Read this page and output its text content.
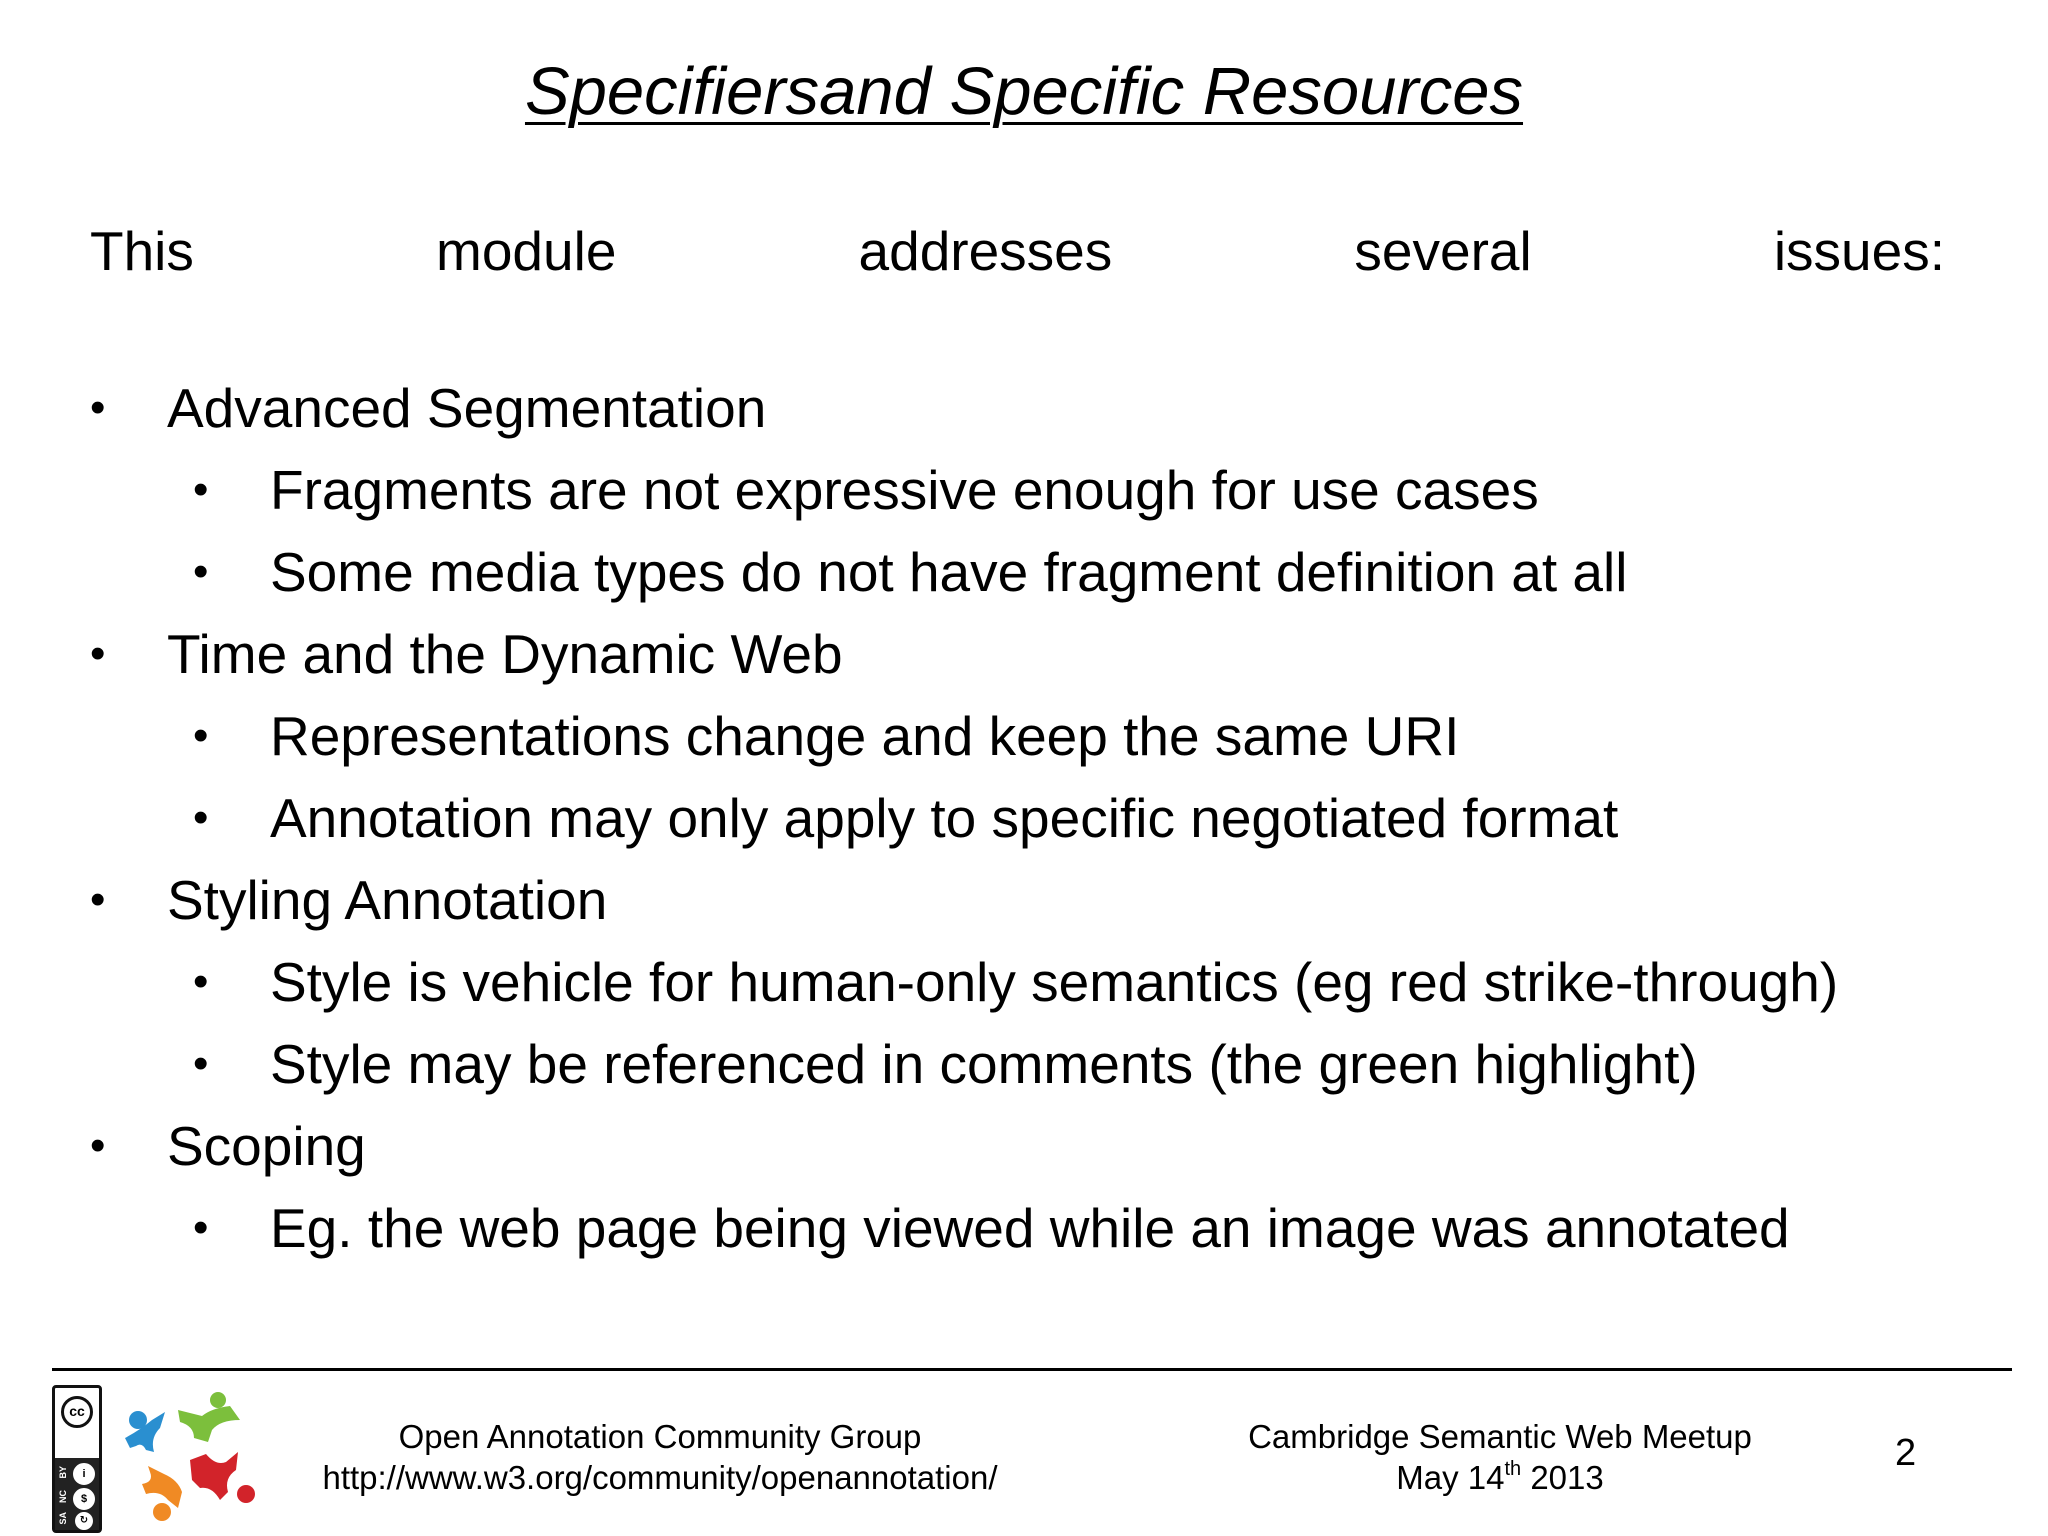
Specifiersand Specific Resources
This	module	addresses	several	issues:
• Advanced Segmentation
• Fragments are not expressive enough for use cases
• Some media types do not have fragment definition at all
• Time and the Dynamic Web
• Representations change and keep the same URI
• Annotation may only apply to specific negotiated format
• Styling Annotation
• Style is vehicle for human-only semantics (eg red strike-through)
• Style may be referenced in comments (the green highlight)
• Scoping
• Eg. the web page being viewed while an image was annotated
cc
BY
NC
SA
i
$
↻
Open Annotation Community Group
http://www.w3.org/community/openannotation/
Cambridge Semantic Web Meetup
May 14th 2013
2
